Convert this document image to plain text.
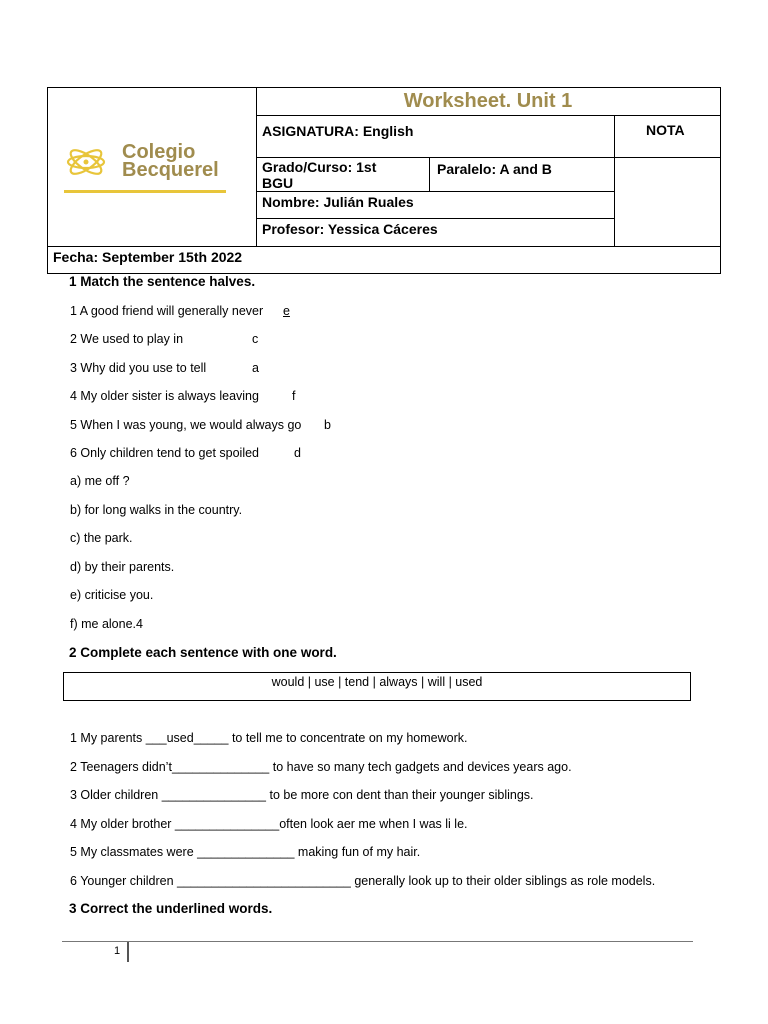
Colegio
Becquerel
Worksheet. Unit 1
ASIGNATURA: English	NOTA
Grado/Curso: 1st
BGU
Paralelo: A and B
Nombre: Julián Ruales
Profesor: Yessica Cáceres
Fecha: September 15th 2022
1 Match the sentence halves.
1 A good friend will generally never e
2 We used to play in	c
3 Why did you use to tell	a
4 My older sister is always leaving	f
5 When I was young, we would always go b
6 Only children tend to get spoiled	d
a) me off ?
b) for long walks in the country.
c) the park.
d) by their parents.
e) criticise you.
f) me alone.4
2 Complete each sentence with one word.
would | use | tend | always | will | used
1 My parents ___used_____ to tell me to concentrate on my homework.
2 Teenagers didn’t______________ to have so many tech gadgets and devices years ago.
3 Older children _______________ to be more con dent than their younger siblings.
4 My older brother _______________often look aer me when I was li le.
5 My classmates were ______________ making fun of my hair.
6 Younger children _________________________ generally look up to their older siblings as role models.
3 Correct the underlined words.
1
